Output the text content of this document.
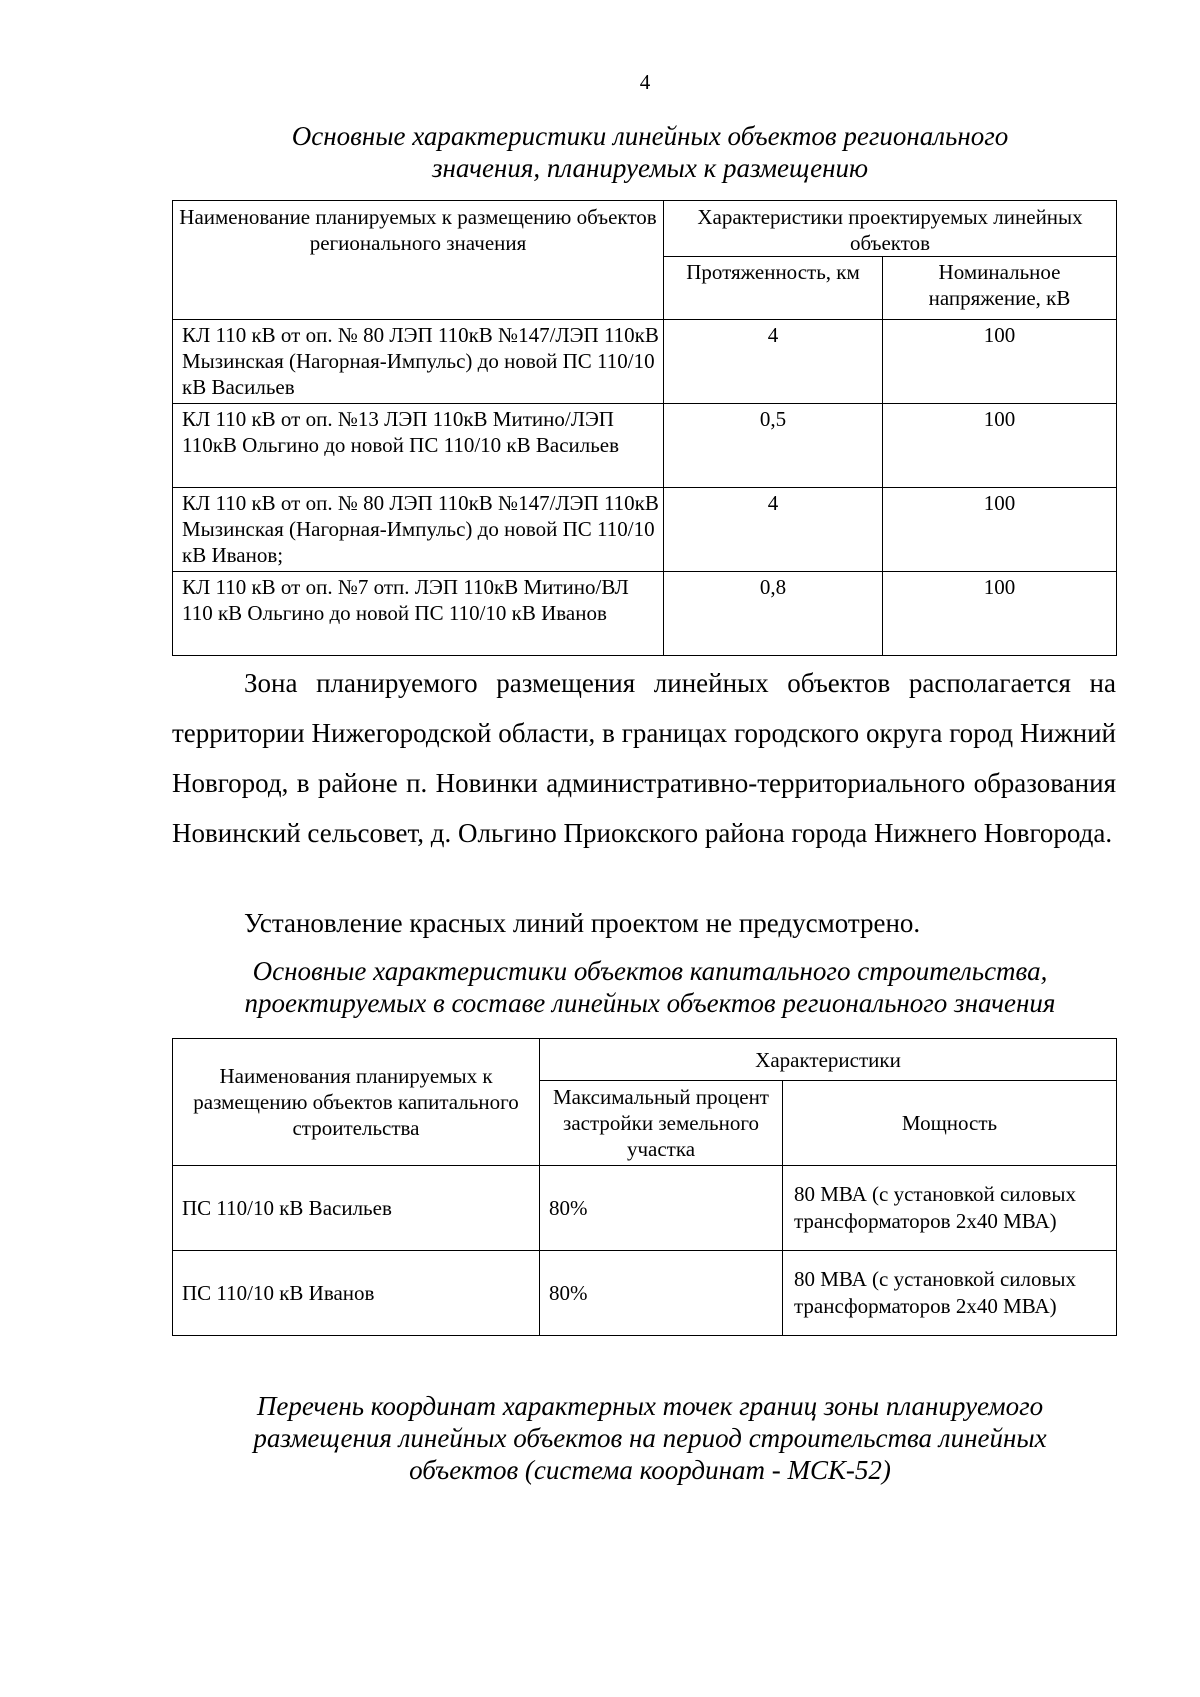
4
Основные характеристики линейных объектов регионального
значения, планируемых к размещению
Наименование планируемых к размещению объектов регионального значения	Характеристики проектируемых линейных объектов	
	Протяженность, км	Номинальное напряжение, кВ
КЛ 110 кВ от оп. № 80 ЛЭП 110кВ №147/ЛЭП 110кВ Мызинская (Нагорная-Импульс) до новой ПС 110/10 кВ Васильев	4	100
КЛ 110 кВ от оп. №13 ЛЭП 110кВ Митино/ЛЭП 110кВ Ольгино до новой ПС 110/10 кВ Васильев	0,5	100
КЛ 110 кВ от оп. № 80 ЛЭП 110кВ №147/ЛЭП 110кВ Мызинская (Нагорная-Импульс) до новой ПС 110/10 кВ Иванов;	4	100
КЛ 110 кВ от оп. №7 отп. ЛЭП 110кВ Митино/ВЛ 110 кВ Ольгино до новой ПС 110/10 кВ Иванов	0,8	100

Зона планируемого размещения линейных объектов располагается на территории Нижегородской области, в границах городского округа город Нижний Новгород, в районе п. Новинки административно-территориального образования Новинский сельсовет, д. Ольгино Приокского района города Нижнего Новгорода.

Установление красных линий проектом не предусмотрено.
Основные характеристики объектов капитального строительства,
проектируемых в составе линейных объектов регионального значения
Наименования планируемых к размещению объектов капитального строительства	Характеристики	
	Максимальный процент застройки земельного участка	Мощность
ПС 110/10 кВ Васильев	80%	80 МВА (с установкой силовых трансформаторов 2х40 МВА)
ПС 110/10 кВ Иванов	80%	80 МВА (с установкой силовых трансформаторов 2х40 МВА)
Перечень координат характерных точек границ зоны планируемого
размещения линейных объектов на период строительства линейных
объектов (система координат - МСК-52)
